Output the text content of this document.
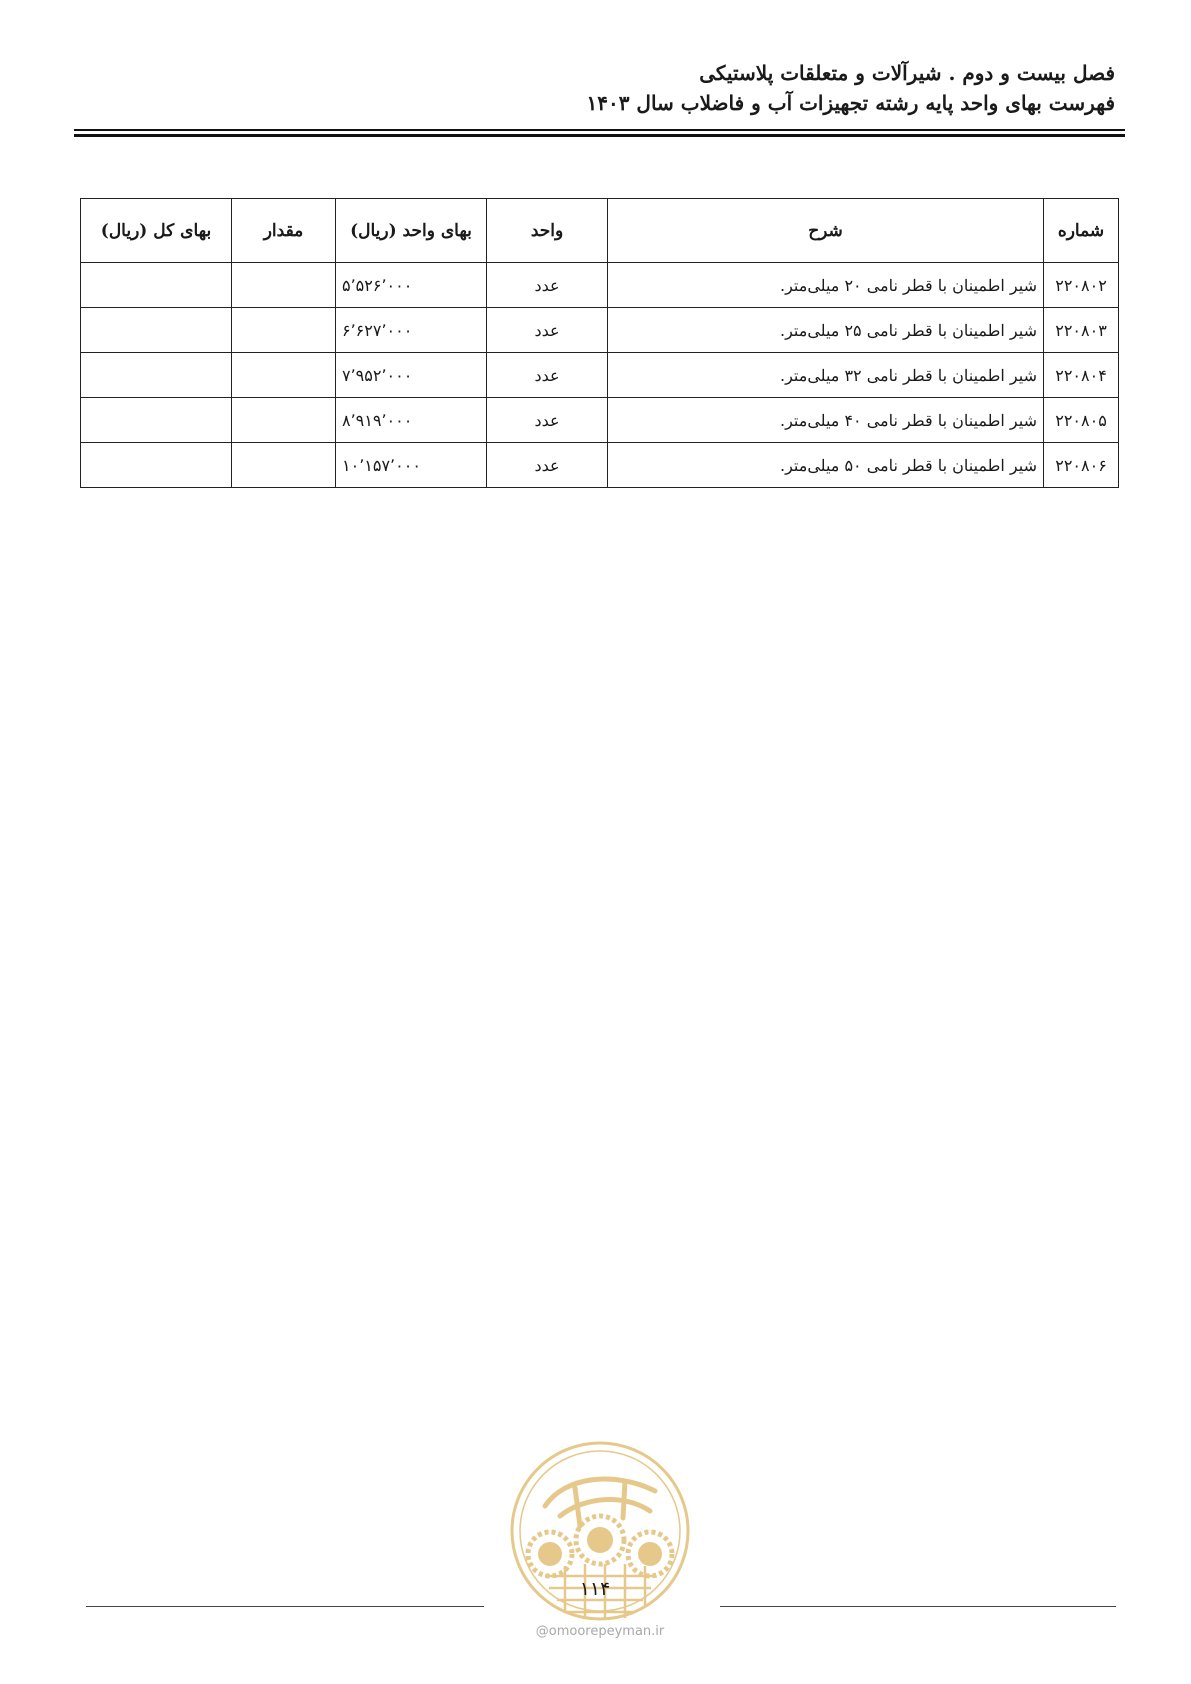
فصل بیست و دوم . شیرآلات و متعلقات پلاستیکی
فهرست بهای واحد پایه رشته تجهیزات آب و فاضلاب سال ۱۴۰۳
شماره	شرح	واحد	بهای واحد (ریال)	مقدار	بهای کل (ریال)
۲۲۰۸۰۲	شیر اطمینان با قطر نامی ۲۰ میلی‌متر.	عدد	۵٬۵۲۶٬۰۰۰		
۲۲۰۸۰۳	شیر اطمینان با قطر نامی ۲۵ میلی‌متر.	عدد	۶٬۶۲۷٬۰۰۰		
۲۲۰۸۰۴	شیر اطمینان با قطر نامی ۳۲ میلی‌متر.	عدد	۷٬۹۵۲٬۰۰۰		
۲۲۰۸۰۵	شیر اطمینان با قطر نامی ۴۰ میلی‌متر.	عدد	۸٬۹۱۹٬۰۰۰		
۲۲۰۸۰۶	شیر اطمینان با قطر نامی ۵۰ میلی‌متر.	عدد	۱۰٬۱۵۷٬۰۰۰		
۱۱۴
@omoorepeyman.ir
